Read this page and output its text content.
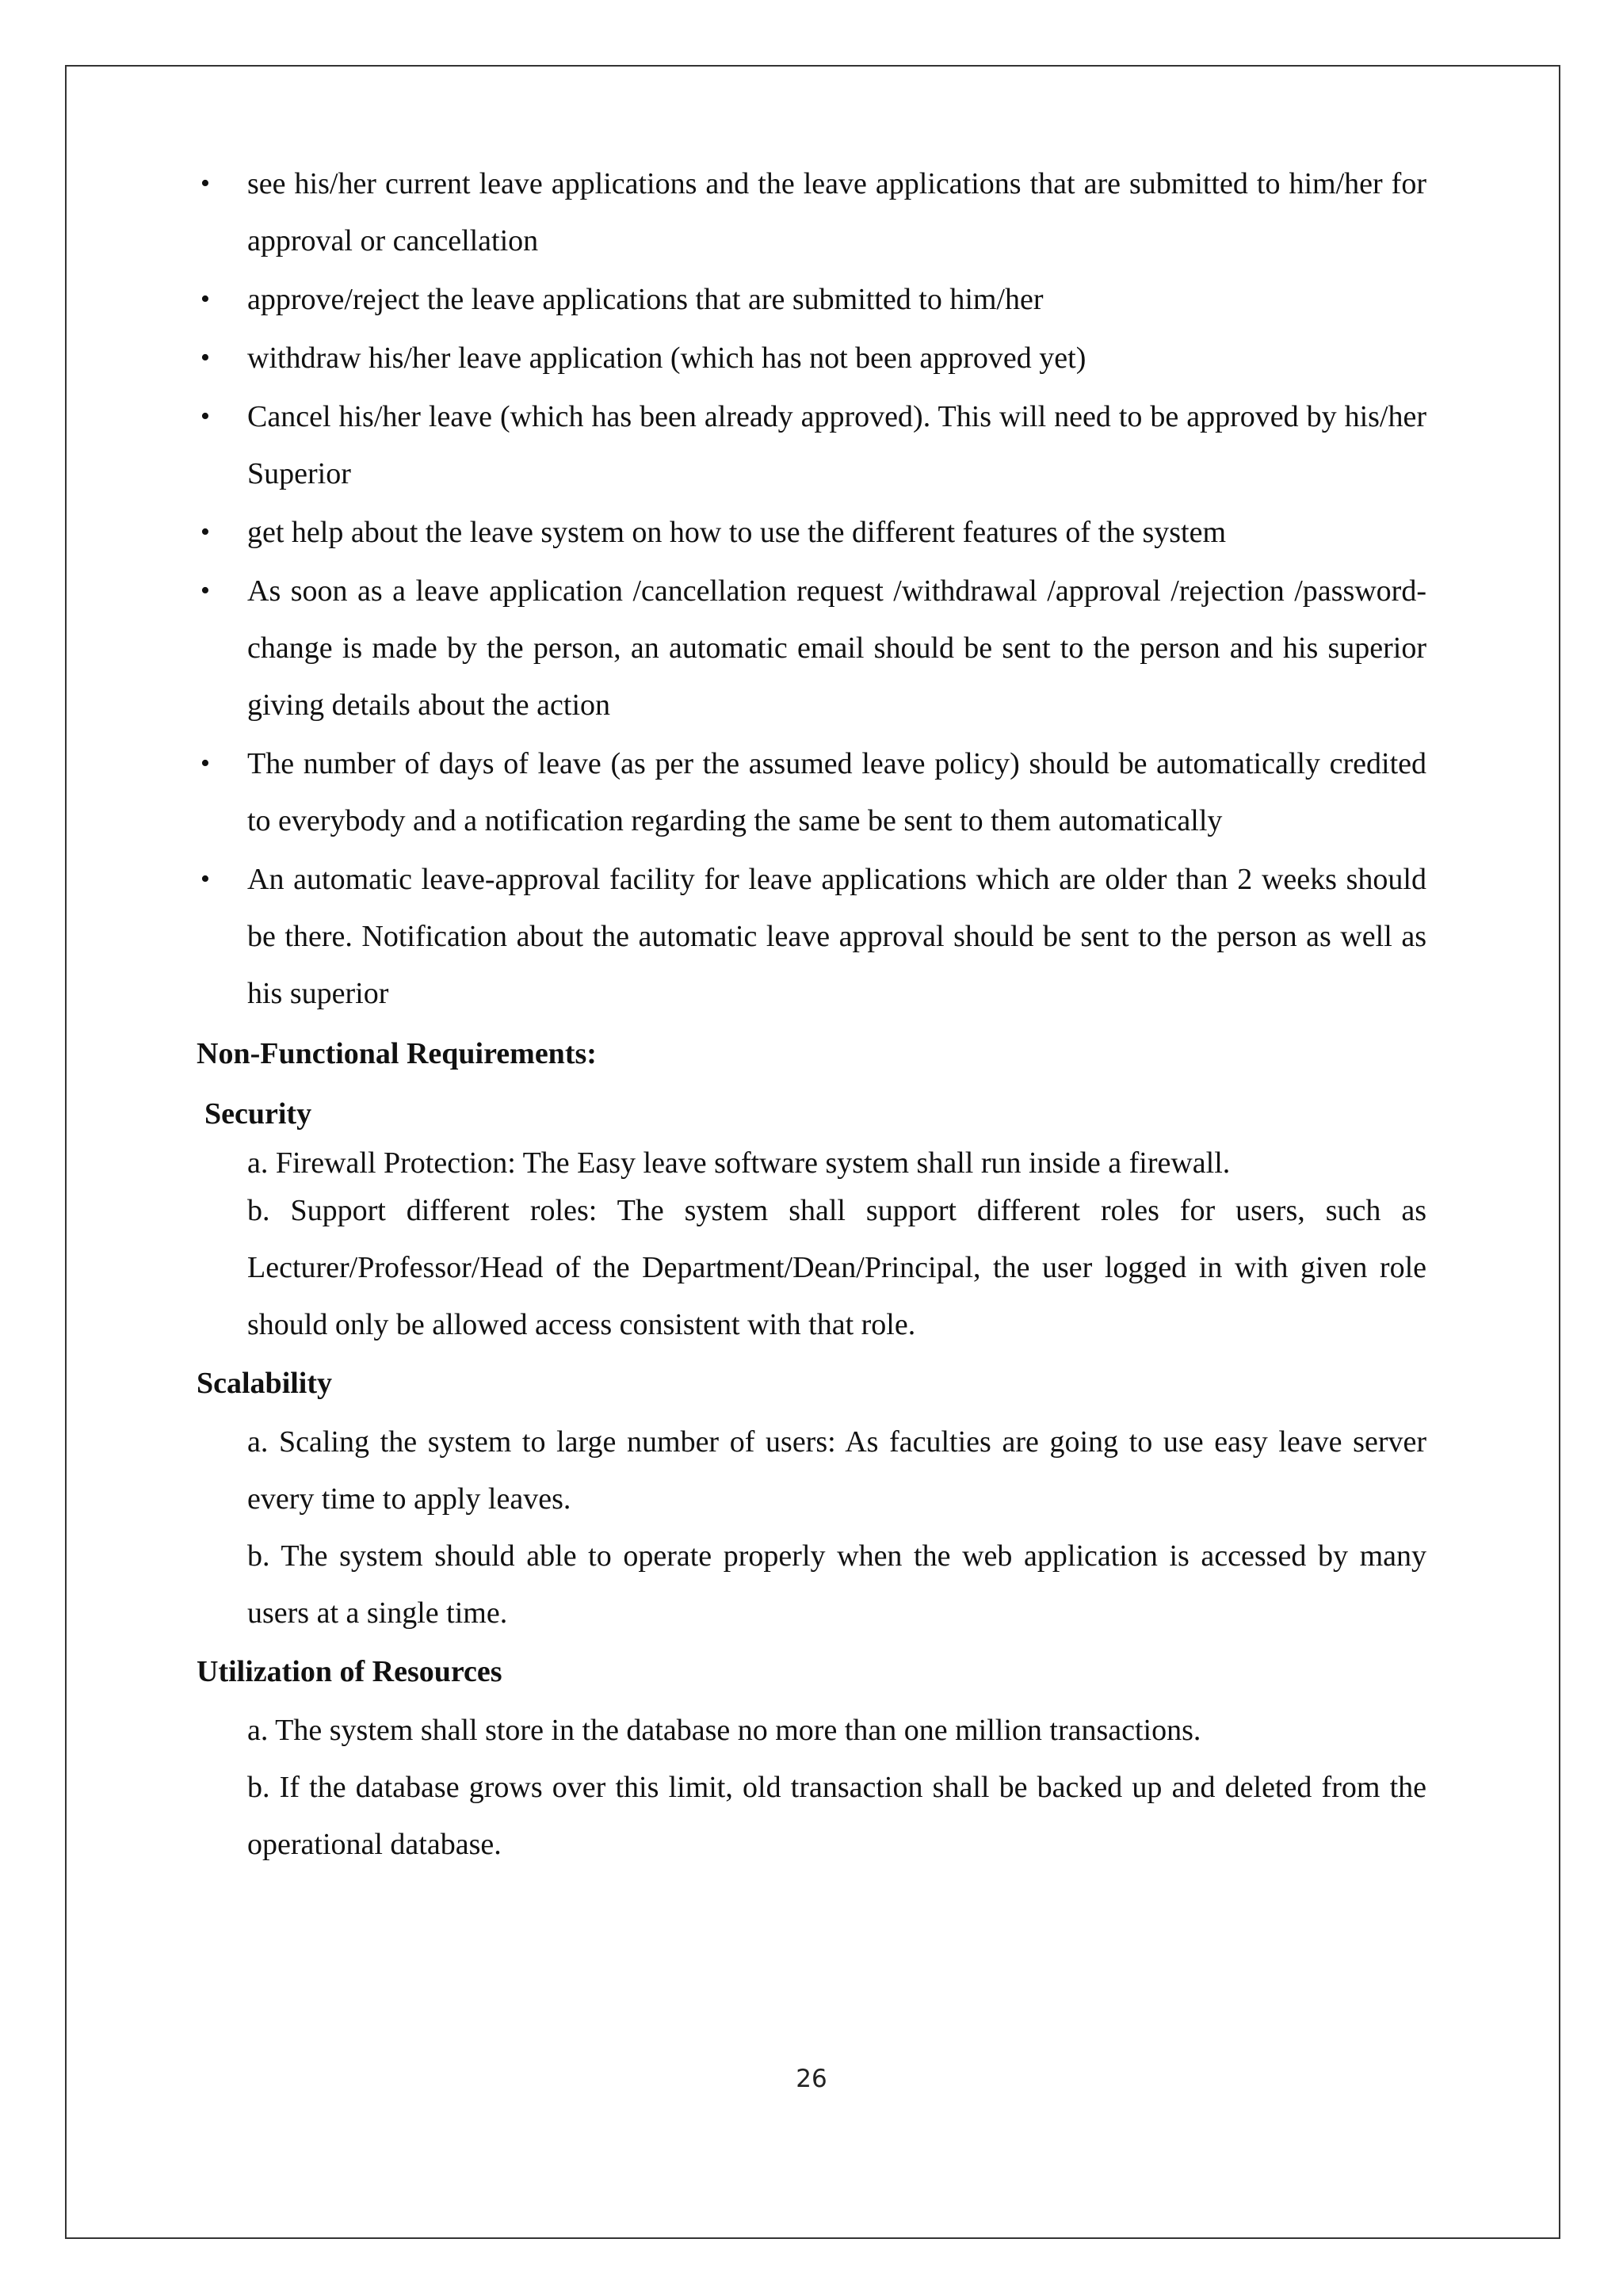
• see his/her current leave applications and the leave applications that are submitted to him/her for approval or cancellation
• approve/reject the leave applications that are submitted to him/her
• withdraw his/her leave application (which has not been approved yet)
• Cancel his/her leave (which has been already approved). This will need to be approved by his/her Superior
• get help about the leave system on how to use the different features of the system
• As soon as a leave application /cancellation request /withdrawal /approval /rejection /password-change is made by the person, an automatic email should be sent to the person and his superior giving details about the action
• The number of days of leave (as per the assumed leave policy) should be automatically credited to everybody and a notification regarding the same be sent to them automatically
• An automatic leave-approval facility for leave applications which are older than 2 weeks should be there. Notification about the automatic leave approval should be sent to the person as well as his superior

Non-Functional Requirements:

Security

a. Firewall Protection: The Easy leave software system shall run inside a firewall.

b. Support different roles: The system shall support different roles for users, such as Lecturer/Professor/Head of the Department/Dean/Principal, the user logged in with given role should only be allowed access consistent with that role.

Scalability

a. Scaling the system to large number of users: As faculties are going to use easy leave server every time to apply leaves.

b. The system should able to operate properly when the web application is accessed by many users at a single time.

Utilization of Resources

a. The system shall store in the database no more than one million transactions.

b. If the database grows over this limit, old transaction shall be backed up and deleted from the operational database.

26
